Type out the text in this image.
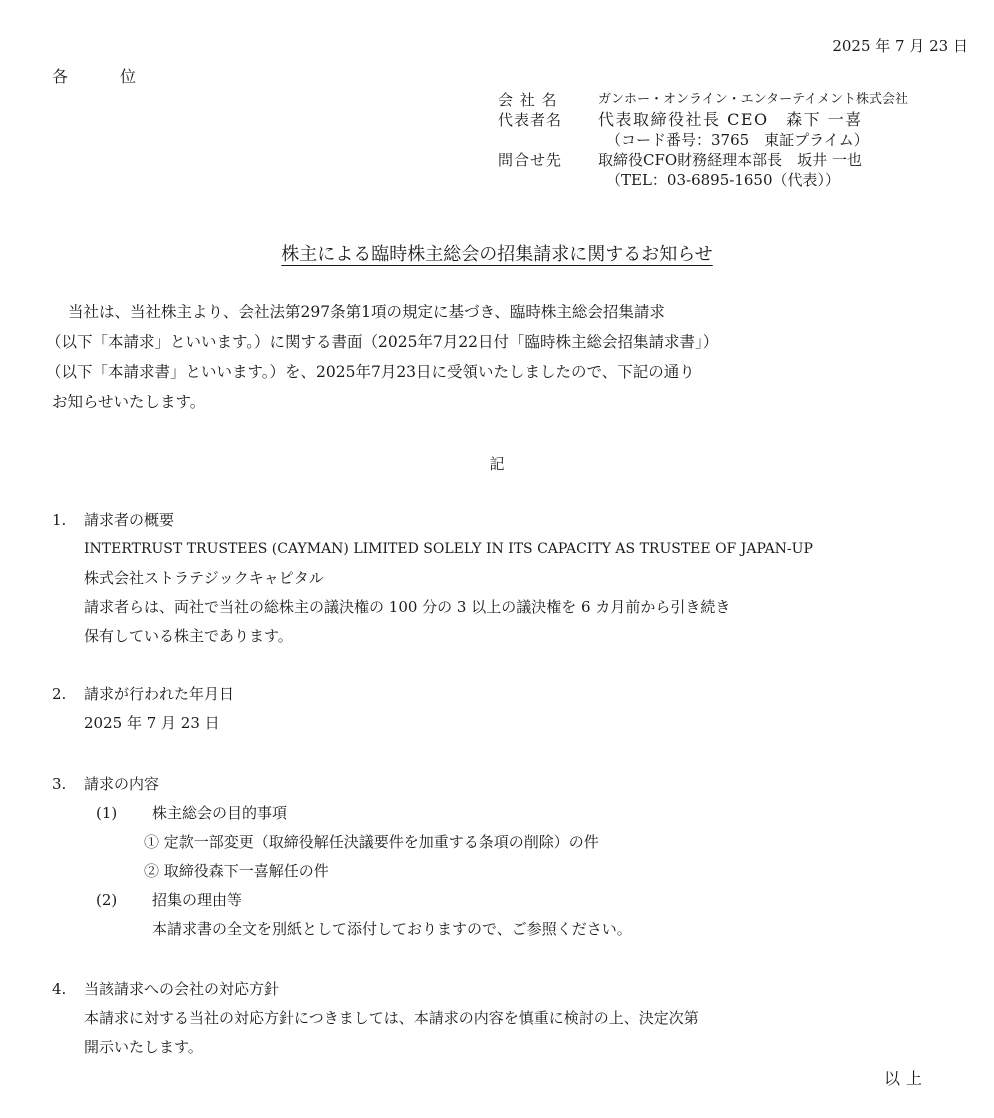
2025 年 7 月 23 日
各	位
会 社 名	ガンホー・オンライン・エンターテイメント株式会社
代表者名	代表取締役社長 CEO　森下 一喜
（コード番号：3765　東証プライム）
問合せ先	取締役CFO財務経理本部長　坂井 一也
（TEL：03-6895-1650（代表））
株主による臨時株主総会の招集請求に関するお知らせ
当社は、当社株主より、会社法第297条第1項の規定に基づき、臨時株主総会招集請求
（以下「本請求」といいます。）に関する書面（2025年7月22日付「臨時株主総会招集請求書」）
（以下「本請求書」といいます。）を、2025年7月23日に受領いたしましたので、下記の通り
お知らせいたします。
記
1.	請求者の概要
INTERTRUST TRUSTEES (CAYMAN) LIMITED SOLELY IN ITS CAPACITY AS TRUSTEE OF JAPAN-UP
株式会社ストラテジックキャピタル
請求者らは、両社で当社の総株主の議決権の 100 分の 3 以上の議決権を 6 カ月前から引き続き
保有している株主であります。
2.	請求が行われた年月日
2025 年 7 月 23 日
3.	請求の内容
(1)	株主総会の目的事項
① 定款一部変更（取締役解任決議要件を加重する条項の削除）の件
② 取締役森下一喜解任の件
(2)	招集の理由等
本請求書の全文を別紙として添付しておりますので、ご参照ください。
4.	当該請求への会社の対応方針
本請求に対する当社の対応方針につきましては、本請求の内容を慎重に検討の上、決定次第
開示いたします。
以上
